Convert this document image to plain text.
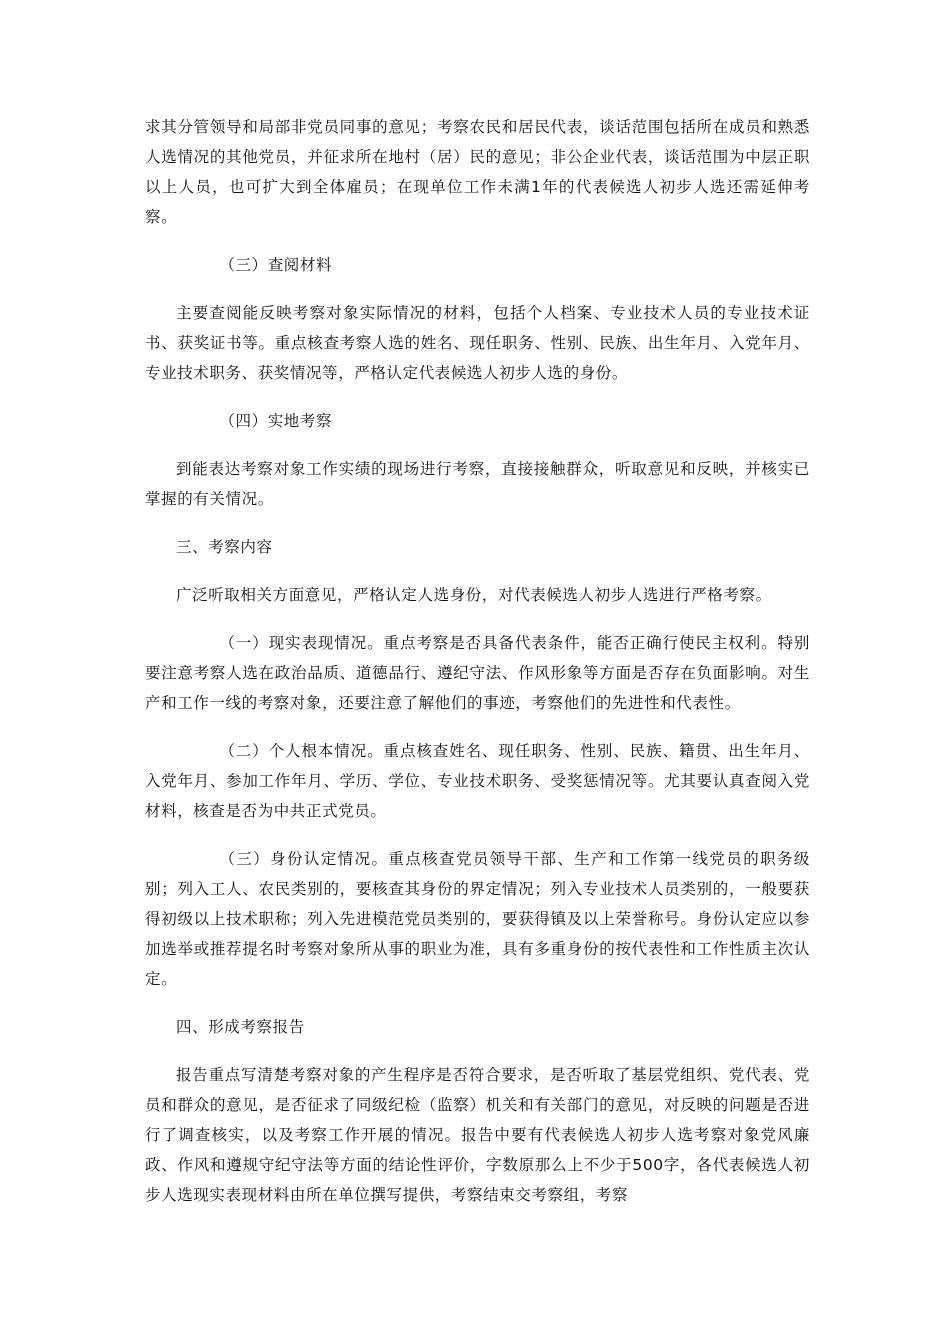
求其分管领导和局部非党员同事的意见；考察农民和居民代表，谈话范围包括所在成员和熟悉人选情况的其他党员，并征求所在地村（居）民的意见；非公企业代表，谈话范围为中层正职以上人员，也可扩大到全体雇员；在现单位工作未满1年的代表候选人初步人选还需延伸考察。

（三）查阅材料

主要查阅能反映考察对象实际情况的材料，包括个人档案、专业技术人员的专业技术证书、获奖证书等。重点核查考察人选的姓名、现任职务、性别、民族、出生年月、入党年月、专业技术职务、获奖情况等，严格认定代表候选人初步人选的身份。

（四）实地考察

到能表达考察对象工作实绩的现场进行考察，直接接触群众，听取意见和反映，并核实已掌握的有关情况。

三、考察内容

广泛听取相关方面意见，严格认定人选身份，对代表候选人初步人选进行严格考察。

（一）现实表现情况。重点考察是否具备代表条件，能否正确行使民主权利。特别要注意考察人选在政治品质、道德品行、遵纪守法、作风形象等方面是否存在负面影响。对生产和工作一线的考察对象，还要注意了解他们的事迹，考察他们的先进性和代表性。

（二）个人根本情况。重点核查姓名、现任职务、性别、民族、籍贯、出生年月、入党年月、参加工作年月、学历、学位、专业技术职务、受奖惩情况等。尤其要认真查阅入党材料，核查是否为中共正式党员。

（三）身份认定情况。重点核查党员领导干部、生产和工作第一线党员的职务级别；列入工人、农民类别的，要核查其身份的界定情况；列入专业技术人员类别的，一般要获得初级以上技术职称；列入先进模范党员类别的，要获得镇及以上荣誉称号。身份认定应以参加选举或推荐提名时考察对象所从事的职业为准，具有多重身份的按代表性和工作性质主次认定。

四、形成考察报告

报告重点写清楚考察对象的产生程序是否符合要求，是否听取了基层党组织、党代表、党员和群众的意见，是否征求了同级纪检（监察）机关和有关部门的意见，对反映的问题是否进行了调查核实，以及考察工作开展的情况。报告中要有代表候选人初步人选考察对象党风廉政、作风和遵规守纪守法等方面的结论性评价，字数原那么上不少于500字，各代表候选人初步人选现实表现材料由所在单位撰写提供，考察结束交考察组，考察
